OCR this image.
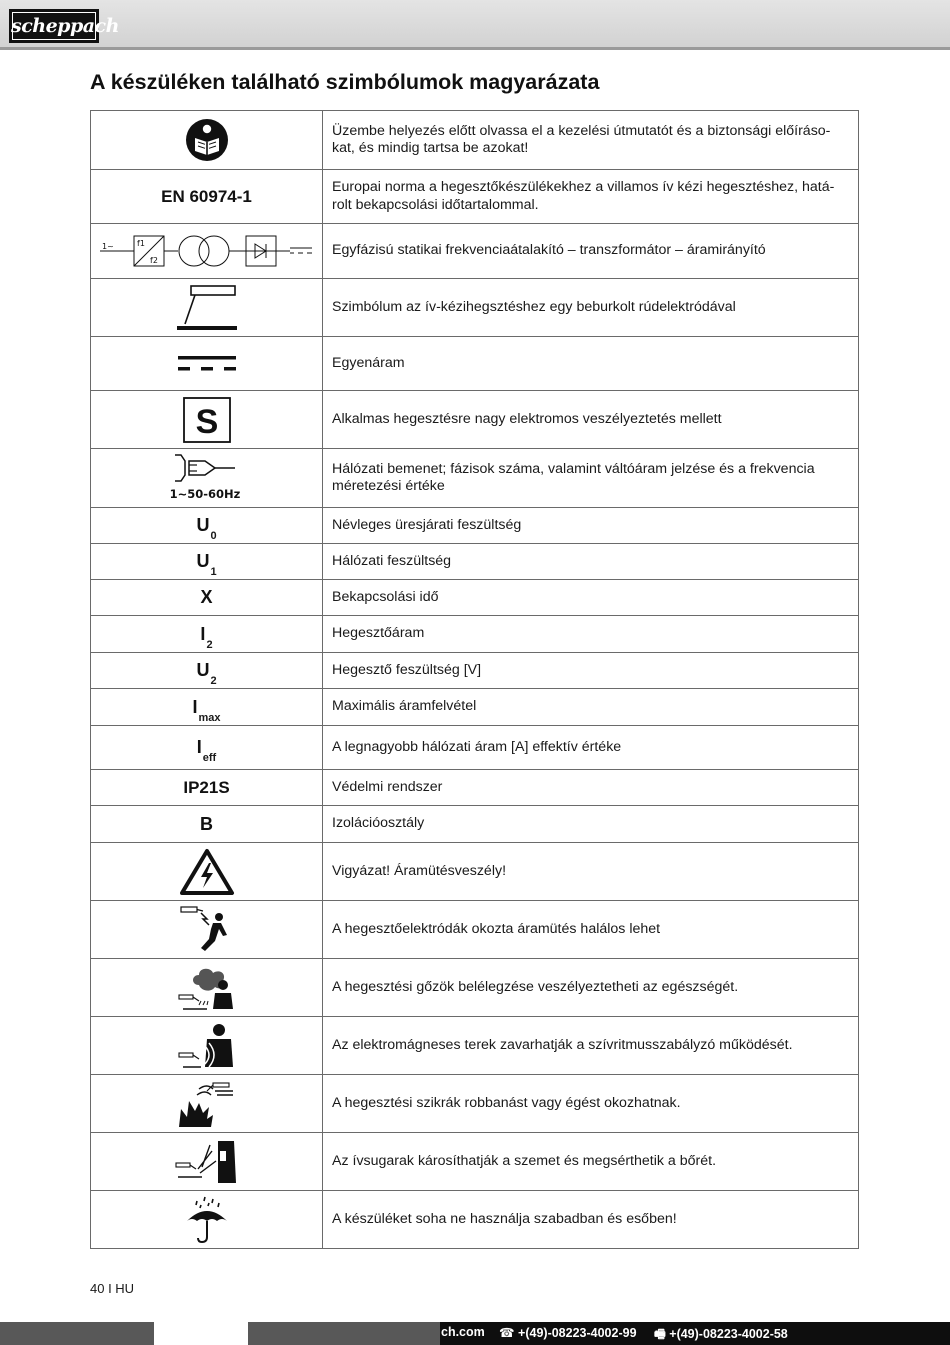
scheppach
A készüléken található szimbólumok magyarázata
	Üzembe helyezés előtt olvassa el a kezelési útmutatót és a biztonsági előíráso-kat, és mindig tartsa be azokat!
EN 60974-1	Europai norma a hegesztőkészülékekhez a villamos ív kézi hegesztéshez, hatá-rolt bekapcsolási időtartalommal.

1~ f1
f2	Egyfázisú statikai frekvenciaátalakító – transzformátor – áramirányító
	Szimbólum az ív-kézihegsztéshez egy beburkolt rúdelektródával
	Egyenáram

S	Alkalmas hegesztésre nagy elektromos veszélyeztetés mellett

1~50-60Hz	Hálózati bemenet; fázisok száma, valamint váltóáram jelzése és a frekvencia méretezési értéke
$U_0$	Névleges üresjárati feszültség
$U_1$	Hálózati feszültség
X	Bekapcsolási idő
$I_2$	Hegesztőáram
$U_2$	Hegesztő feszültség [V]
$I_{max}$	Maximális áramfelvétel
$I_{eff}$	A legnagyobb hálózati áram [A] effektív értéke
IP21S	Védelmi rendszer
B	Izolációosztály
	Vigyázat! Áramütésveszély!
	A hegesztőelektródák okozta áramütés halálos lehet
	A hegesztési gőzök belélegzése veszélyeztetheti az egészségét.
	Az elektromágneses terek zavarhatják a szívritmusszabályzó működését.
	A hegesztési szikrák robbanást vagy égést okozhatnak.
	Az ívsugarak károsíthatják a szemet és megsérthetik a bőrét.
	A készüléket soha ne használja szabadban és esőben!
40 I HU
ch.com ☎ +(49)-08223-4002-99 🖷 +(49)-08223-4002-58
